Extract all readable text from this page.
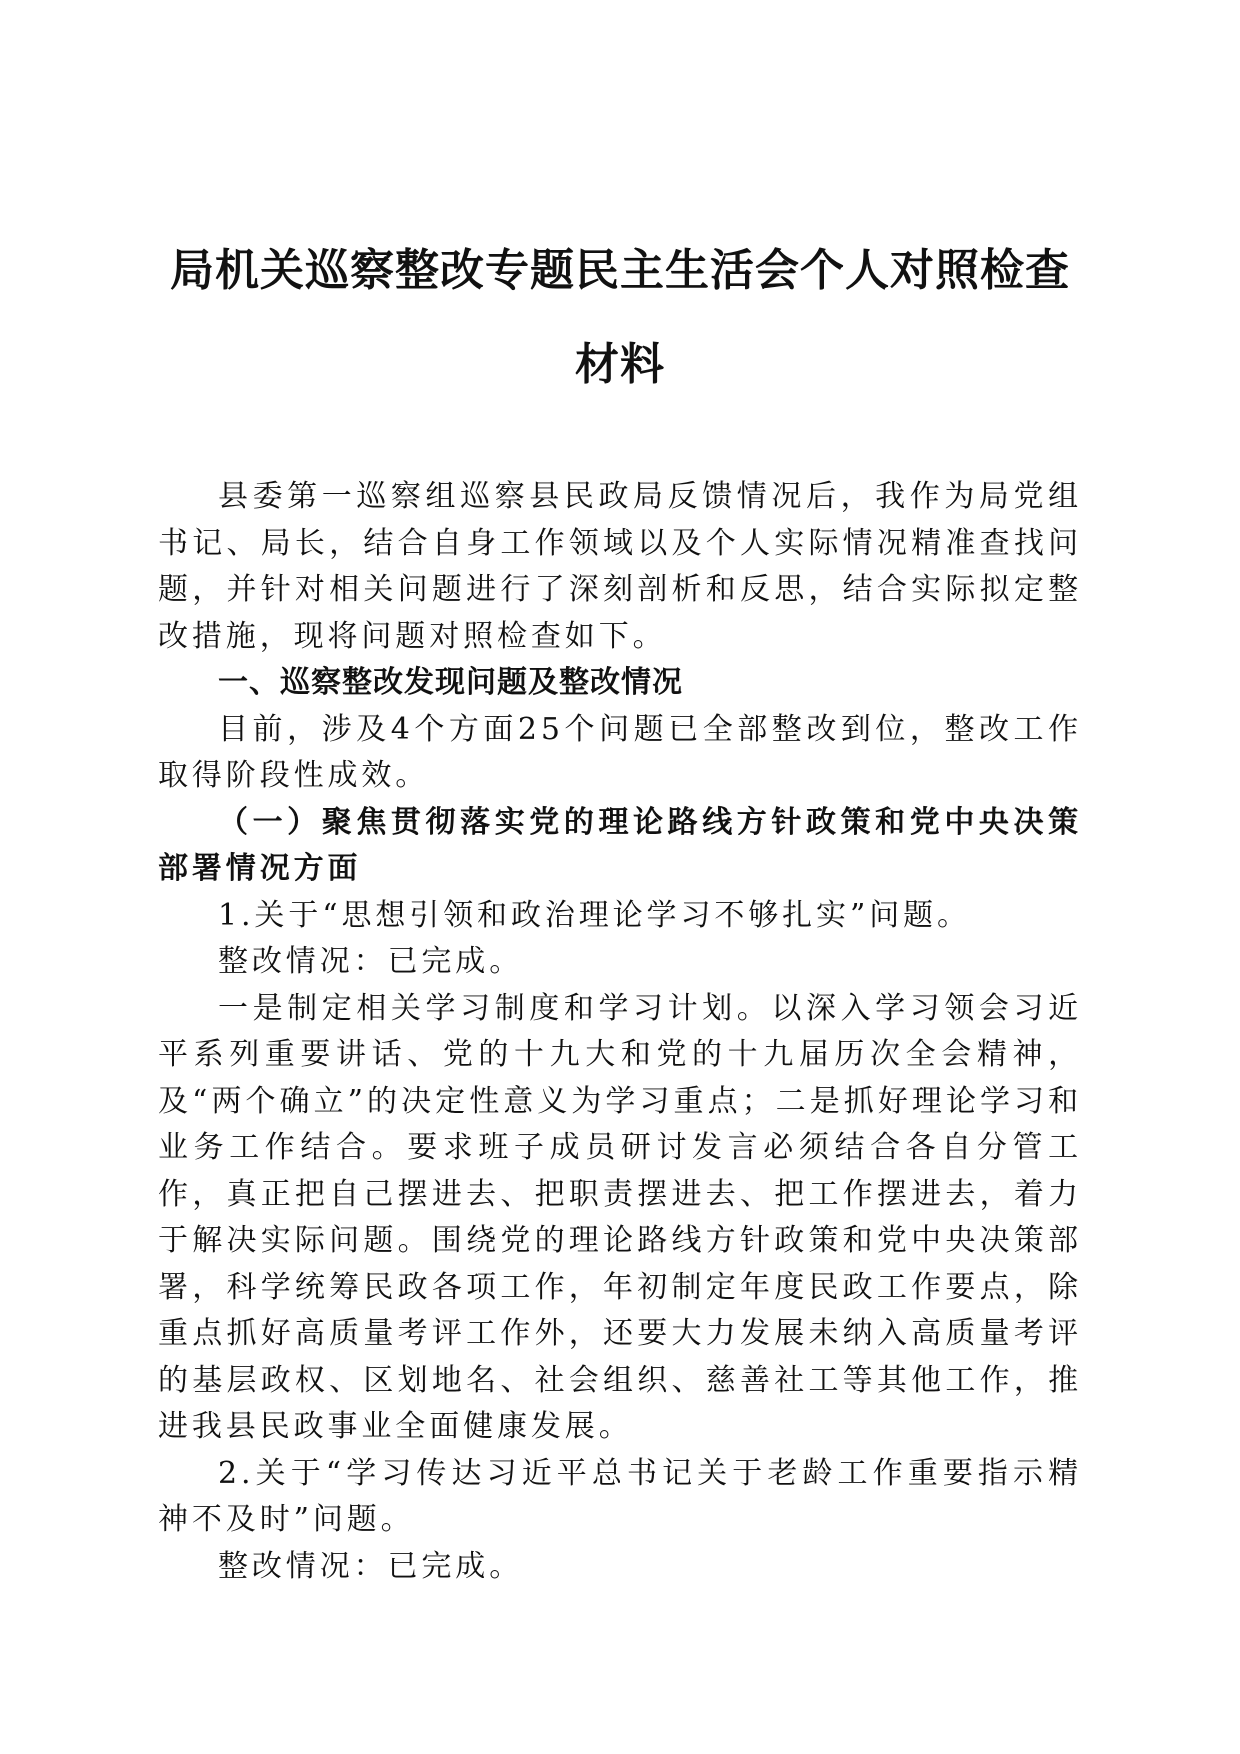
局机关巡察整改专题民主生活会个人对照检查
材料

县委第一巡察组巡察县民政局反馈情况后，我作为局党组书记、局长，结合自身工作领域以及个人实际情况精准查找问题，并针对相关问题进行了深刻剖析和反思，结合实际拟定整改措施，现将问题对照检查如下。

一、巡察整改发现问题及整改情况

目前，涉及4个方面25个问题已全部整改到位，整改工作取得阶段性成效。

（一）聚焦贯彻落实党的理论路线方针政策和党中央决策部署情况方面

1.关于“思想引领和政治理论学习不够扎实”问题。

整改情况：已完成。

一是制定相关学习制度和学习计划。以深入学习领会习近平系列重要讲话、党的十九大和党的十九届历次全会精神，及“两个确立”的决定性意义为学习重点；二是抓好理论学习和业务工作结合。要求班子成员研讨发言必须结合各自分管工作，真正把自己摆进去、把职责摆进去、把工作摆进去，着力于解决实际问题。围绕党的理论路线方针政策和党中央决策部署，科学统筹民政各项工作，年初制定年度民政工作要点，除重点抓好高质量考评工作外，还要大力发展未纳入高质量考评的基层政权、区划地名、社会组织、慈善社工等其他工作，推进我县民政事业全面健康发展。

2.关于“学习传达习近平总书记关于老龄工作重要指示精神不及时”问题。

整改情况：已完成。
